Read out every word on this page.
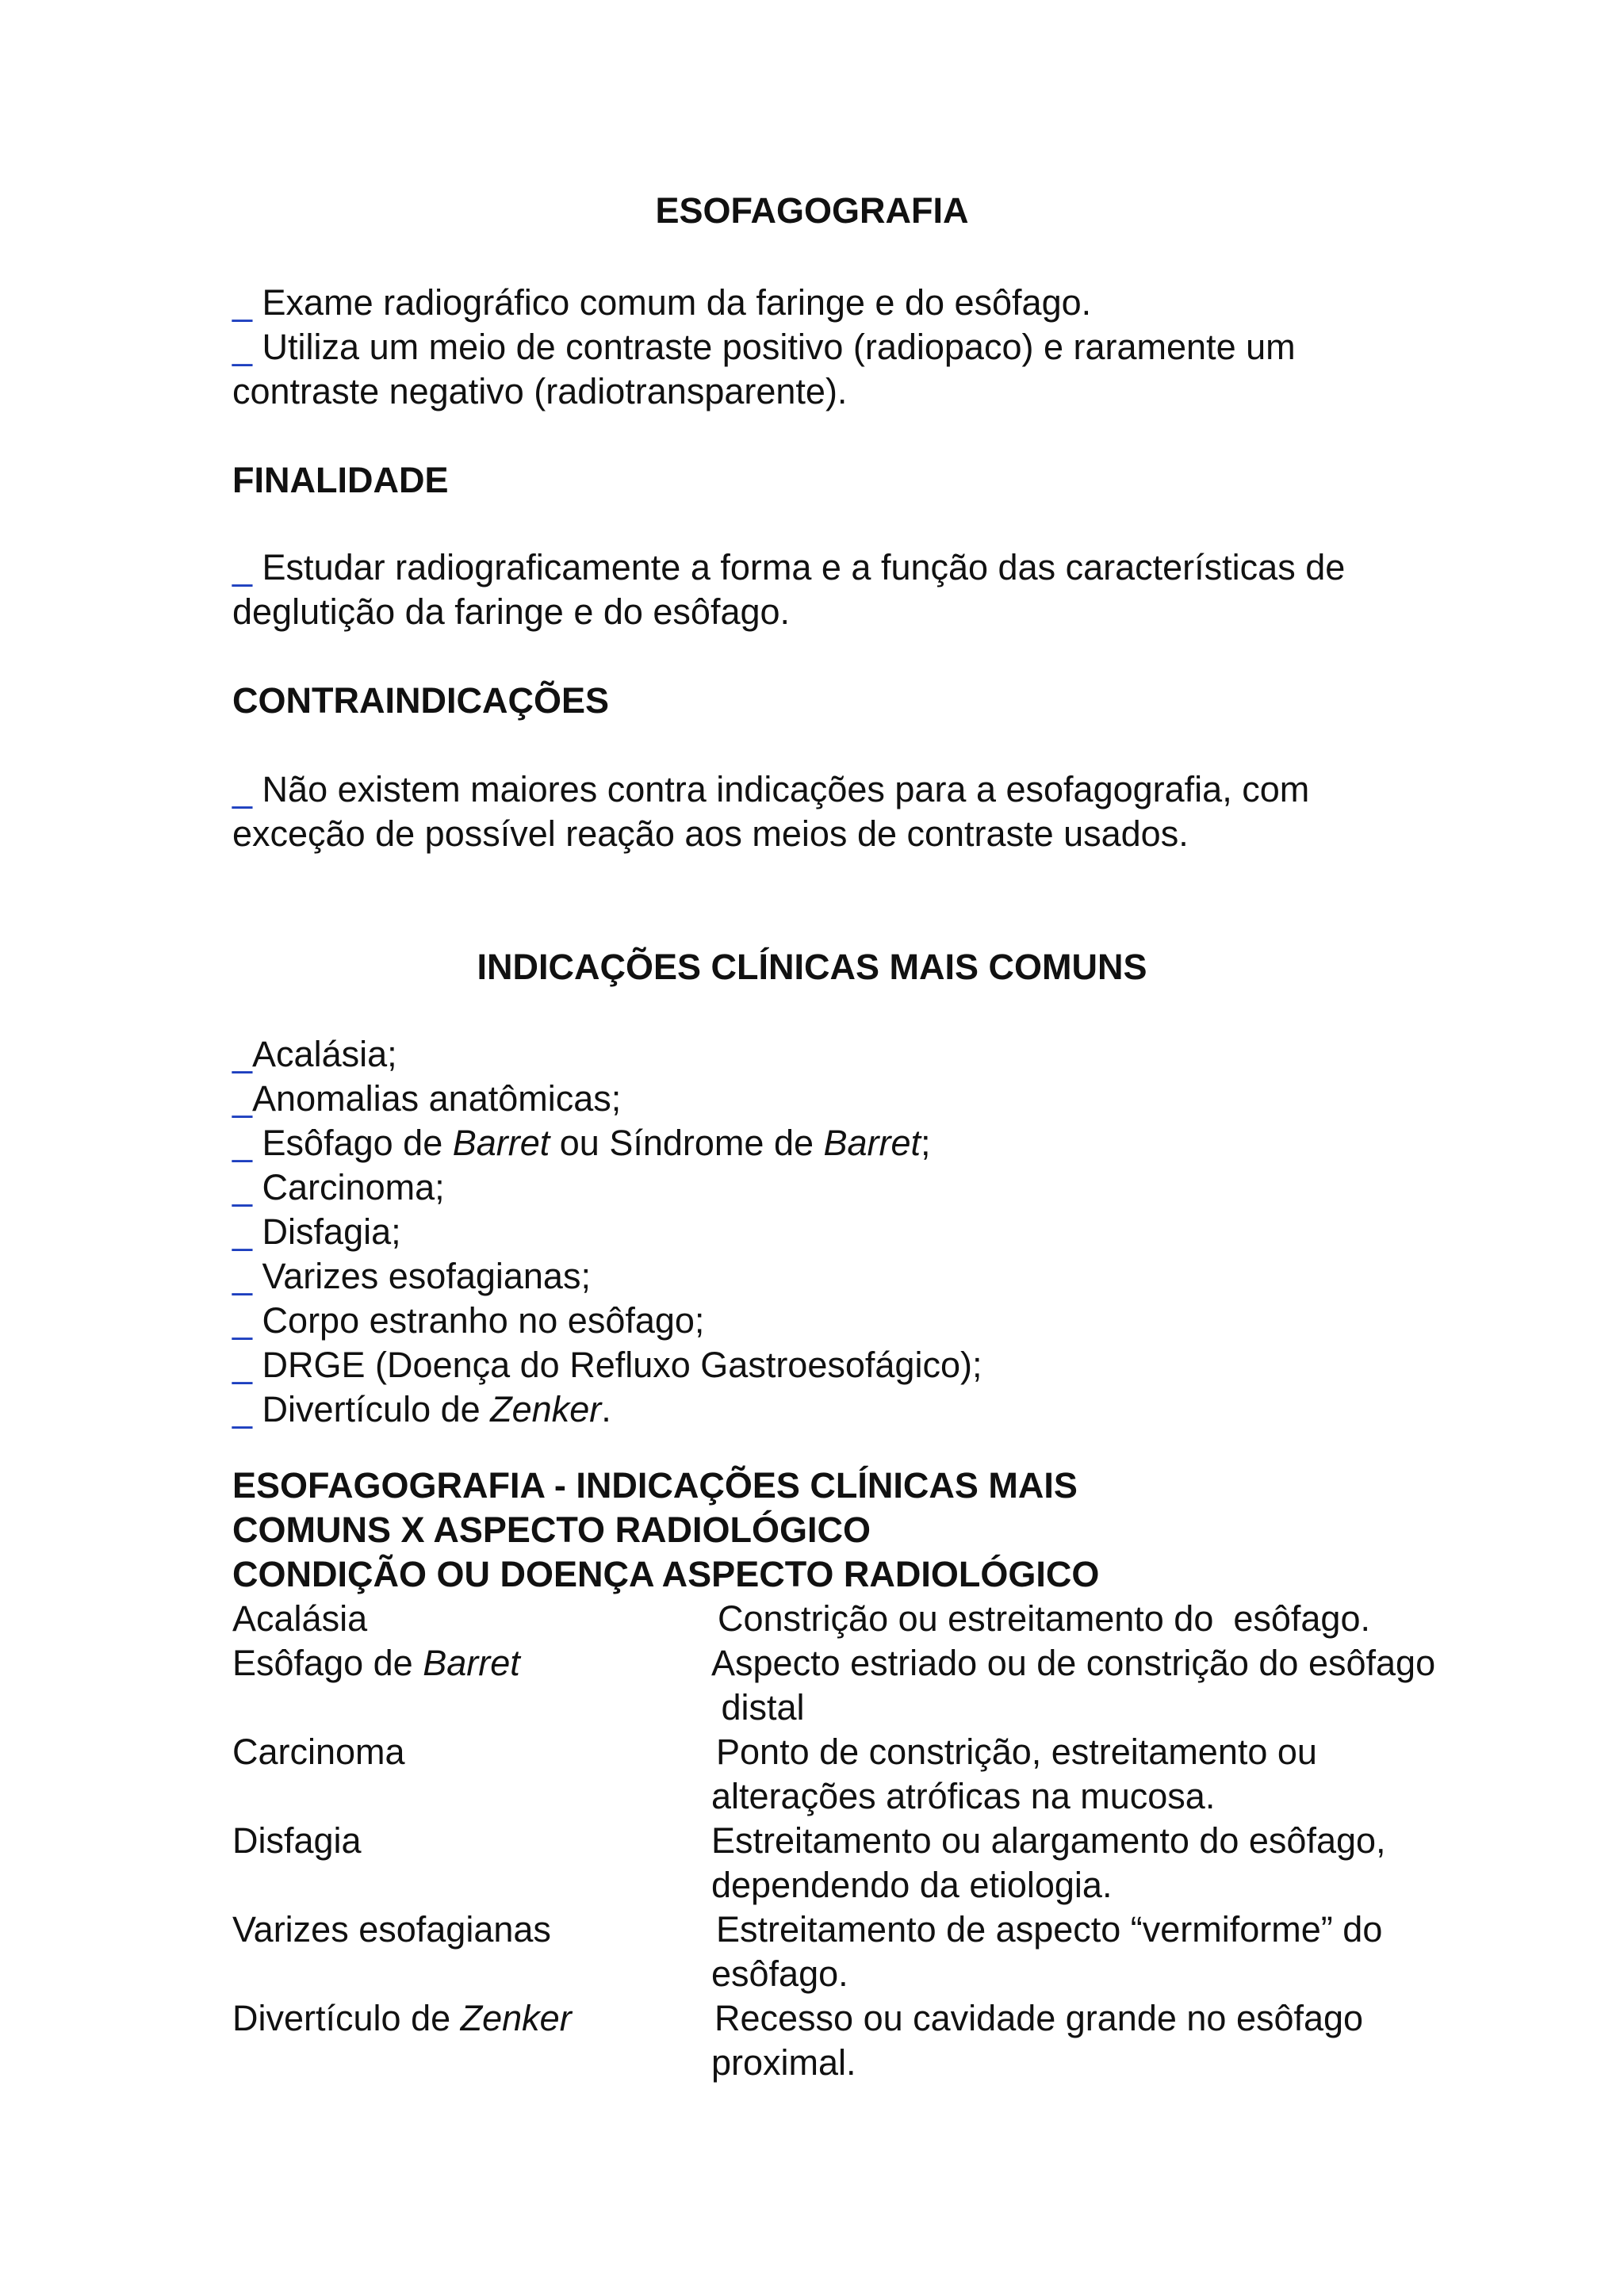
ESOFAGOGRAFIA
_ Exame radiográfico comum da faringe e do esôfago.
_ Utiliza um meio de contraste positivo (radiopaco) e raramente um
contraste negativo (radiotransparente).
FINALIDADE
_ Estudar radiograficamente a forma e a função das características de
deglutição da faringe e do esôfago.
CONTRAINDICAÇÕES
_ Não existem maiores contra indicações para a esofagografia, com
exceção de possível reação aos meios de contraste usados.
INDICAÇÕES CLÍNICAS MAIS COMUNS
_Acalásia;
_Anomalias anatômicas;
_ Esôfago de Barret ou Síndrome de Barret;
_ Carcinoma;
_ Disfagia;
_ Varizes esofagianas;
_ Corpo estranho no esôfago;
_ DRGE (Doença do Refluxo Gastroesofágico);
_ Divertículo de Zenker.
ESOFAGOGRAFIA - INDICAÇÕES CLÍNICAS MAIS
COMUNS X ASPECTO RADIOLÓGICO
CONDIÇÃO OU DOENÇA ASPECTO RADIOLÓGICO
Acalásia	Constrição ou estreitamento do  esôfago.
Esôfago de Barret	Aspecto estriado ou de constrição do esôfago
distal
Carcinoma	Ponto de constrição, estreitamento ou
alterações atróficas na mucosa.
Disfagia	Estreitamento ou alargamento do esôfago,
dependendo da etiologia.
Varizes esofagianas	Estreitamento de aspecto “vermiforme” do
esôfago.
Divertículo de Zenker	Recesso ou cavidade grande no esôfago
proximal.
